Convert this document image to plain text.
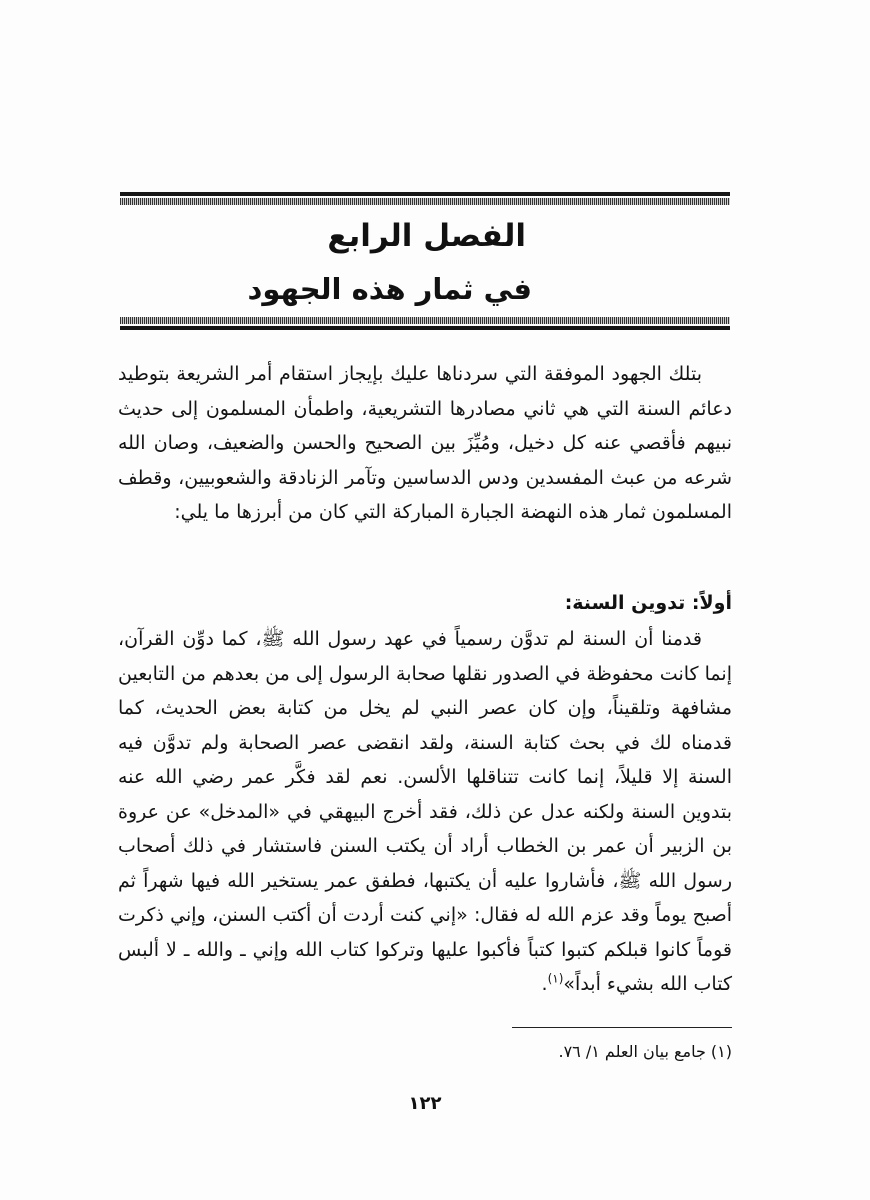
الفصل الرابع
في ثمار هذه الجهود
بتلك الجهود الموفقة التي سردناها عليك بإيجاز استقام أمر الشريعة بتوطيد دعائم السنة التي هي ثاني مصادرها التشريعية، واطمأن المسلمون إلى حديث نبيهم فأقصي عنه كل دخيل، ومُيِّزَ بين الصحيح والحسن والضعيف، وصان الله شرعه من عبث المفسدين ودس الدساسين وتآمر الزنادقة والشعوبيين، وقطف المسلمون ثمار هذه النهضة الجبارة المباركة التي كان من أبرزها ما يلي:
أولاً: تدوين السنة:
قدمنا أن السنة لم تدوَّن رسمياً في عهد رسول الله ﷺ، كما دوِّن القرآن، إنما كانت محفوظة في الصدور نقلها صحابة الرسول إلى من بعدهم من التابعين مشافهة وتلقيناً، وإن كان عصر النبي لم يخل من كتابة بعض الحديث، كما قدمناه لك في بحث كتابة السنة، ولقد انقضى عصر الصحابة ولم تدوَّن فيه السنة إلا قليلاً، إنما كانت تتناقلها الألسن. نعم لقد فكَّر عمر رضي الله عنه بتدوين السنة ولكنه عدل عن ذلك، فقد أخرج البيهقي في «المدخل» عن عروة بن الزبير أن عمر بن الخطاب أراد أن يكتب السنن فاستشار في ذلك أصحاب رسول الله ﷺ، فأشاروا عليه أن يكتبها، فطفق عمر يستخير الله فيها شهراً ثم أصبح يوماً وقد عزم الله له فقال: «إني كنت أردت أن أكتب السنن، وإني ذكرت قوماً كانوا قبلكم كتبوا كتباً فأكبوا عليها وتركوا كتاب الله وإني ـ والله ـ لا ألبس كتاب الله بشيء أبداً»$^{(١)}$.
(١) جامع بيان العلم ١/ ٧٦.
١٢٢
